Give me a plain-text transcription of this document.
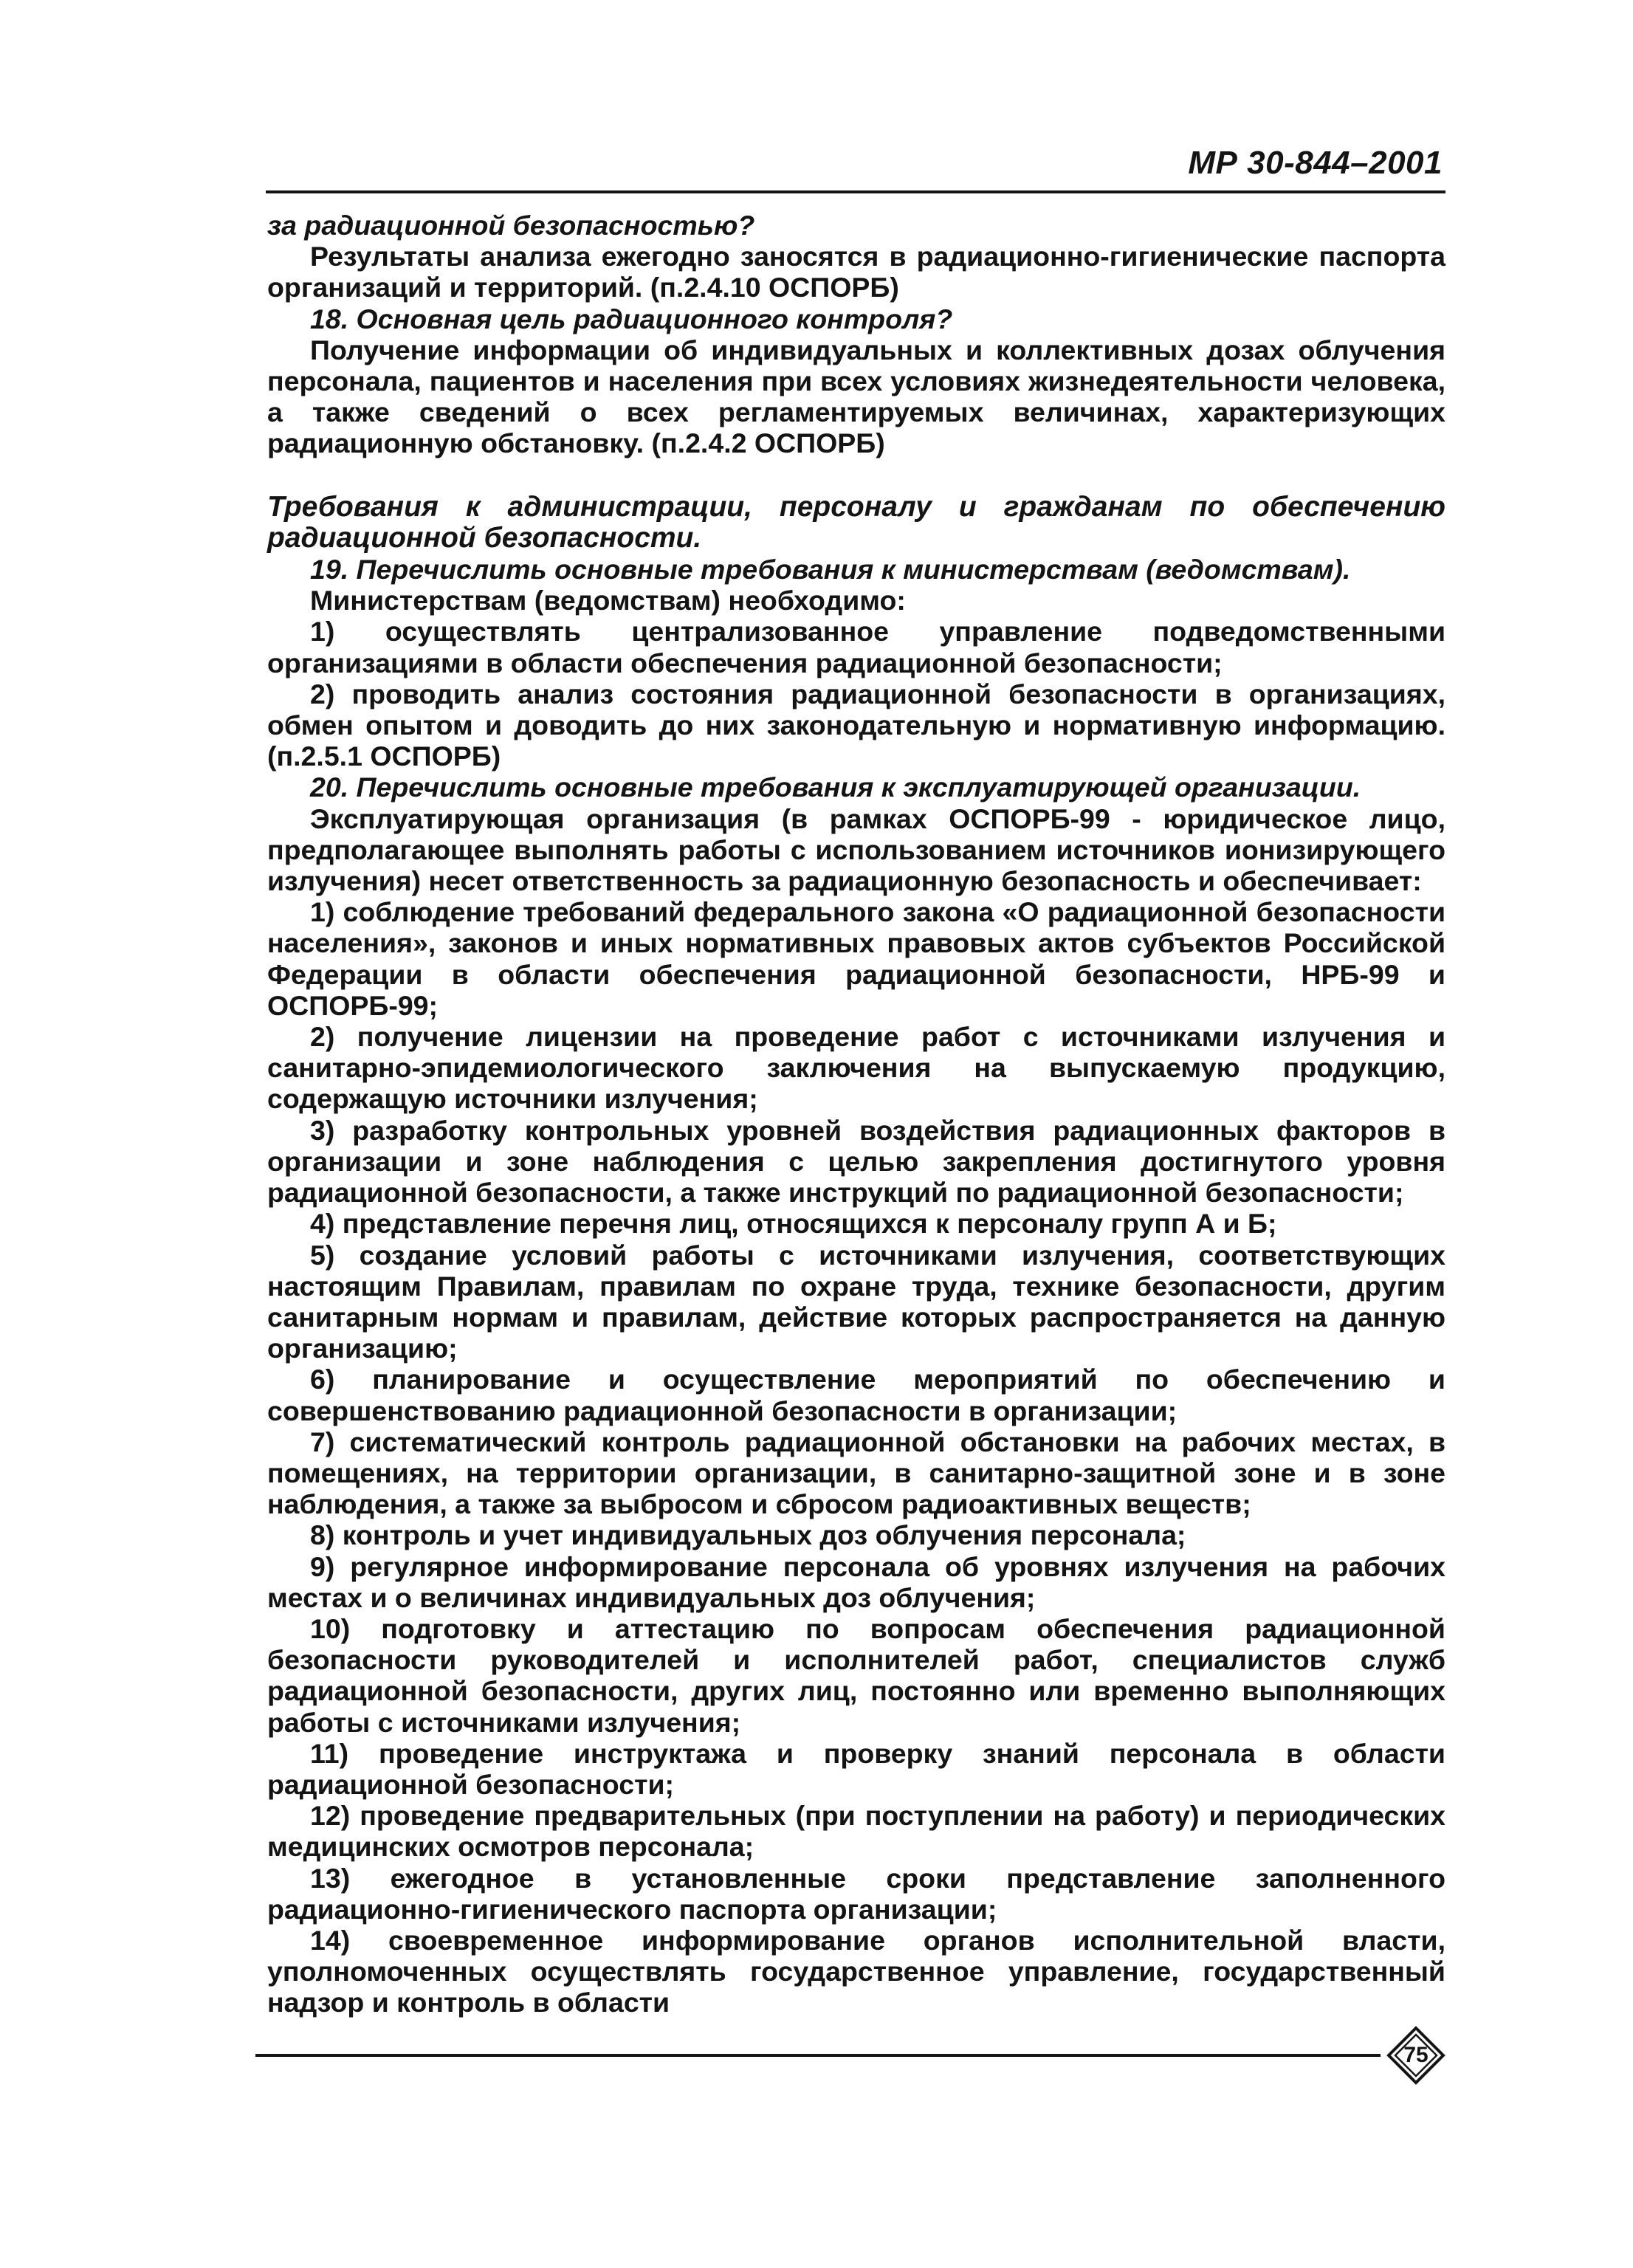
МР 30-844–2001

за радиационной безопасностью?

Результаты анализа ежегодно заносятся в радиационно-гигиенические паспорта организаций и территорий. (п.2.4.10 ОСПОРБ)

18. Основная цель радиационного контроля?

Получение информации об индивидуальных и коллективных дозах облучения персонала, пациентов и населения при всех условиях жизнедеятельности человека, а также сведений о всех регламентируемых величинах, характеризующих радиационную обстановку. (п.2.4.2 ОСПОРБ)

Требования к администрации, персоналу и гражданам по обеспечению радиационной безопасности.

19. Перечислить основные требования к министерствам (ведомствам).

Министерствам (ведомствам) необходимо:

1) осуществлять централизованное управление подведомственными организациями в области обеспечения радиационной безопасности;

2) проводить анализ состояния радиационной безопасности в организациях, обмен опытом и доводить до них законодательную и нормативную информацию. (п.2.5.1 ОСПОРБ)

20. Перечислить основные требования к эксплуатирующей организации.

Эксплуатирующая организация (в рамках ОСПОРБ-99 - юридическое лицо, предполагающее выполнять работы с использованием источников ионизирующего излучения) несет ответственность за радиационную безопасность и обеспечивает:

1) соблюдение требований федерального закона «О радиационной безопасности населения», законов и иных нормативных правовых актов субъектов Российской Федерации в области обеспечения радиационной безопасности, НРБ-99 и ОСПОРБ-99;

2) получение лицензии на проведение работ с источниками излучения и санитарно-эпидемиологического заключения на выпускаемую продукцию, содержащую источники излучения;

3) разработку контрольных уровней воздействия радиационных факторов в организации и зоне наблюдения с целью закрепления достигнутого уровня радиационной безопасности, а также инструкций по радиационной безопасности;

4) представление перечня лиц, относящихся к персоналу групп А и Б;

5) создание условий работы с источниками излучения, соответствующих настоящим Правилам, правилам по охране труда, технике безопасности, другим санитарным нормам и правилам, действие которых распространяется на данную организацию;

6) планирование и осуществление мероприятий по обеспечению и совершенствованию радиационной безопасности в организации;

7) систематический контроль радиационной обстановки на рабочих местах, в помещениях, на территории организации, в санитарно-защитной зоне и в зоне наблюдения, а также за выбросом и сбросом радиоактивных веществ;

8) контроль и учет индивидуальных доз облучения персонала;

9) регулярное информирование персонала об уровнях излучения на рабочих местах и о величинах индивидуальных доз облучения;

10) подготовку и аттестацию по вопросам обеспечения радиационной безопасности руководителей и исполнителей работ, специалистов служб радиационной безопасности, других лиц, постоянно или временно выполняющих работы с источниками излучения;

11) проведение инструктажа и проверку знаний персонала в области радиационной безопасности;

12) проведение предварительных (при поступлении на работу) и периодических медицинских осмотров персонала;

13) ежегодное в установленные сроки представление заполненного радиационно-гигиенического паспорта организации;

14) своевременное информирование органов исполнительной власти, уполномоченных осуществлять государственное управление, государственный надзор и контроль в области

75
